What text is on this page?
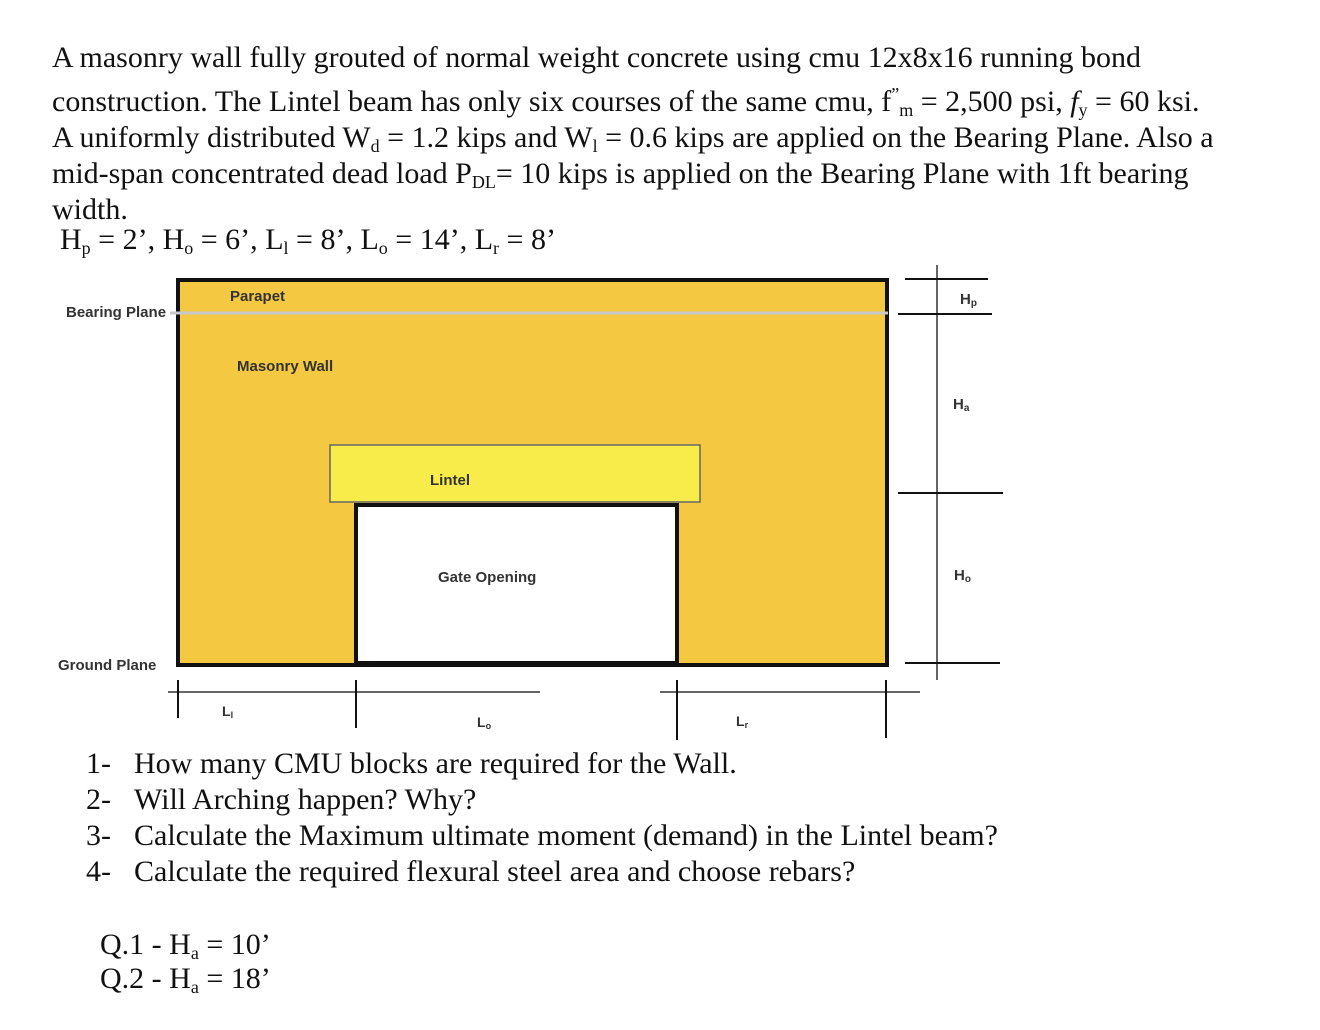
A masonry wall fully grouted of normal weight concrete using cmu 12x8x16 running bond

construction. The Lintel beam has only six courses of the same cmu, $f^”_m = 2,500$ psi, $f_y = 60$ ksi.

A uniformly distributed $W_d = 1.2$ kips and $W_l = 0.6$ kips are applied on the Bearing Plane. Also a

mid-span concentrated dead load $P_{DL}= 10$ kips is applied on the Bearing Plane with 1ft bearing

width.

$H_p = 2$’, $H_o = 6$’, $L_l = 8$’, $L_o = 14$’, $L_r = 8$’
Bearing Plane
Ground Plane
Parapet
Masonry Wall
Lintel
Gate Opening
Hp
Ha
Ho
Ll	Lo	Lr
1- How many CMU blocks are required for the Wall.
2- Will Arching happen? Why?
3- Calculate the Maximum ultimate moment (demand) in the Lintel beam?
4- Calculate the required flexural steel area and choose rebars?
$Q.1 - H_a = 10$’
$Q.2 - H_a = 18$’
